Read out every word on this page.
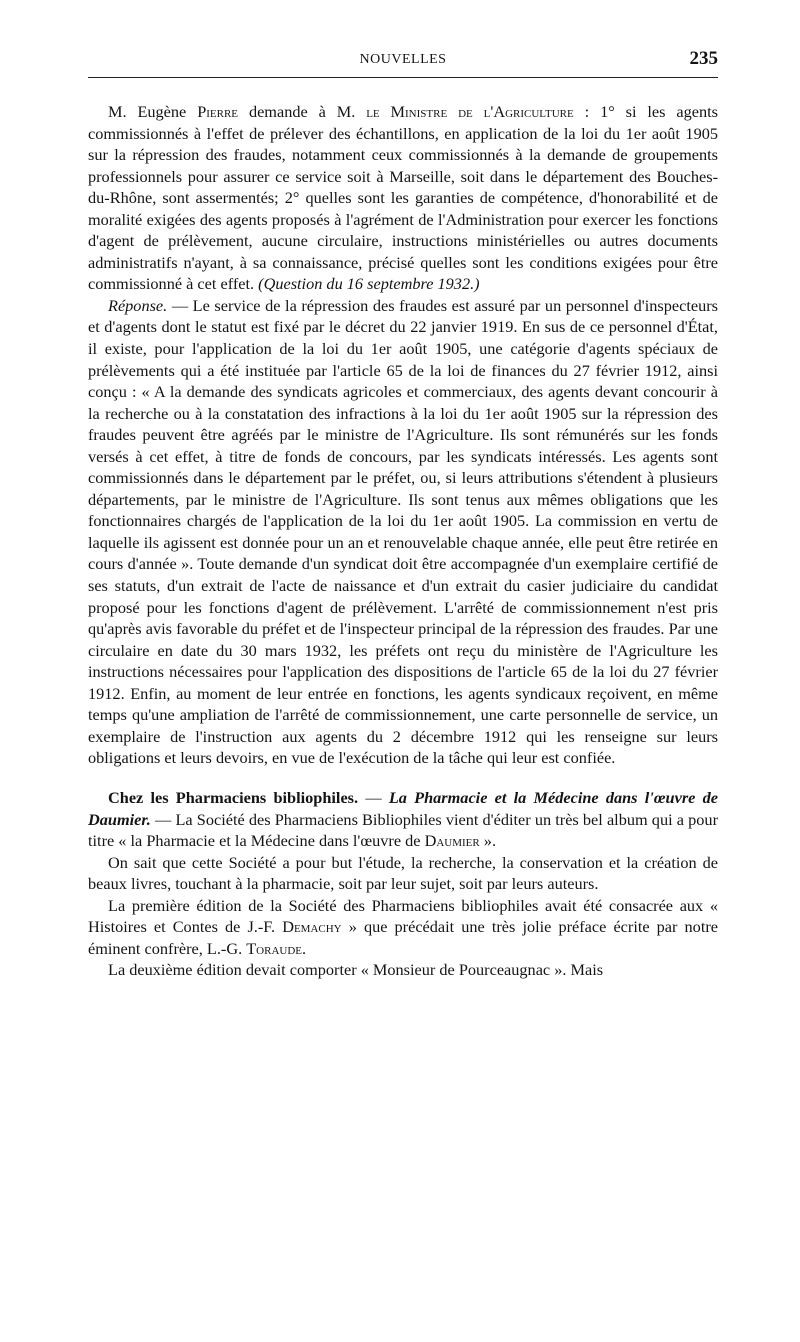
NOUVELLES	235

M. Eugène Pierre demande à M. le Ministre de l'Agriculture : 1° si les agents commissionnés à l'effet de prélever des échantillons, en application de la loi du 1er août 1905 sur la répression des fraudes, notamment ceux commissionnés à la demande de groupements professionnels pour assurer ce service soit à Marseille, soit dans le département des Bouches-du-Rhône, sont assermentés; 2° quelles sont les garanties de compétence, d'honorabilité et de moralité exigées des agents proposés à l'agrément de l'Administration pour exercer les fonctions d'agent de prélèvement, aucune circulaire, instructions ministérielles ou autres documents administratifs n'ayant, à sa connaissance, précisé quelles sont les conditions exigées pour être commissionné à cet effet. (Question du 16 septembre 1932.)

Réponse. — Le service de la répression des fraudes est assuré par un personnel d'inspecteurs et d'agents dont le statut est fixé par le décret du 22 janvier 1919. En sus de ce personnel d'État, il existe, pour l'application de la loi du 1er août 1905, une catégorie d'agents spéciaux de prélèvements qui a été instituée par l'article 65 de la loi de finances du 27 février 1912, ainsi conçu : « A la demande des syndicats agricoles et commerciaux, des agents devant concourir à la recherche ou à la constatation des infractions à la loi du 1er août 1905 sur la répression des fraudes peuvent être agréés par le ministre de l'Agriculture. Ils sont rémunérés sur les fonds versés à cet effet, à titre de fonds de concours, par les syndicats intéressés. Les agents sont commissionnés dans le département par le préfet, ou, si leurs attributions s'étendent à plusieurs départements, par le ministre de l'Agriculture. Ils sont tenus aux mêmes obligations que les fonctionnaires chargés de l'application de la loi du 1er août 1905. La commission en vertu de laquelle ils agissent est donnée pour un an et renouvelable chaque année, elle peut être retirée en cours d'année ». Toute demande d'un syndicat doit être accompagnée d'un exemplaire certifié de ses statuts, d'un extrait de l'acte de naissance et d'un extrait du casier judiciaire du candidat proposé pour les fonctions d'agent de prélèvement. L'arrêté de commissionnement n'est pris qu'après avis favorable du préfet et de l'inspecteur principal de la répression des fraudes. Par une circulaire en date du 30 mars 1932, les préfets ont reçu du ministère de l'Agriculture les instructions nécessaires pour l'application des dispositions de l'article 65 de la loi du 27 février 1912. Enfin, au moment de leur entrée en fonctions, les agents syndicaux reçoivent, en même temps qu'une ampliation de l'arrêté de commissionnement, une carte personnelle de service, un exemplaire de l'instruction aux agents du 2 décembre 1912 qui les renseigne sur leurs obligations et leurs devoirs, en vue de l'exécution de la tâche qui leur est confiée.

Chez les Pharmaciens bibliophiles. — La Pharmacie et la Médecine dans l'œuvre de Daumier. — La Société des Pharmaciens Bibliophiles vient d'éditer un très bel album qui a pour titre « la Pharmacie et la Médecine dans l'œuvre de Daumier ».

On sait que cette Société a pour but l'étude, la recherche, la conservation et la création de beaux livres, touchant à la pharmacie, soit par leur sujet, soit par leurs auteurs.

La première édition de la Société des Pharmaciens bibliophiles avait été consacrée aux « Histoires et Contes de J.-F. Demachy » que précédait une très jolie préface écrite par notre éminent confrère, L.-G. Toraude.

La deuxième édition devait comporter « Monsieur de Pourceaugnac ». Mais
